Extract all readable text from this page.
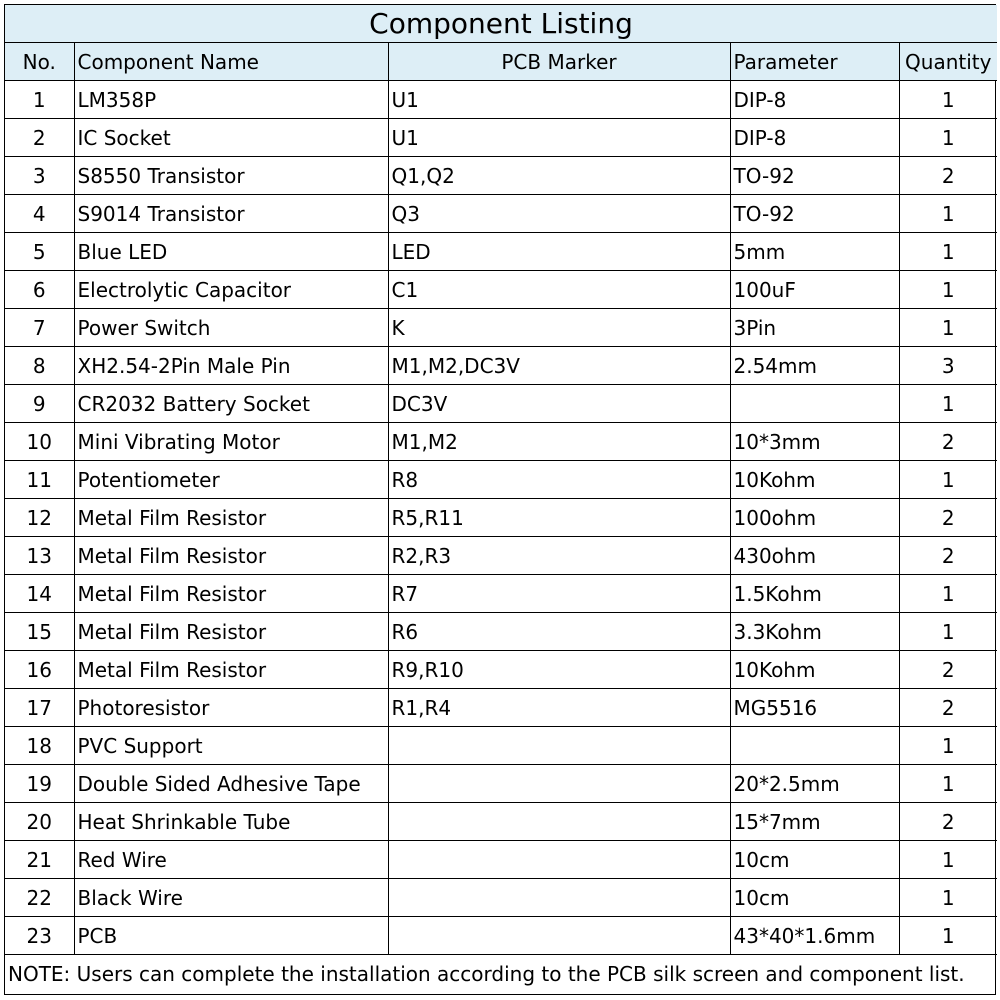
Component Listing				
No.	Component Name	PCB Marker	Parameter	Quantity
1	LM358P	U1	DIP-8	1
2	IC Socket	U1	DIP-8	1
3	S8550 Transistor	Q1,Q2	TO-92	2
4	S9014 Transistor	Q3	TO-92	1
5	Blue LED	LED	5mm	1
6	Electrolytic Capacitor	C1	100uF	1
7	Power Switch	K	3Pin	1
8	XH2.54-2Pin Male Pin	M1,M2,DC3V	2.54mm	3
9	CR2032 Battery Socket	DC3V		1
10	Mini Vibrating Motor	M1,M2	10*3mm	2
11	Potentiometer	R8	10Kohm	1
12	Metal Film Resistor	R5,R11	100ohm	2
13	Metal Film Resistor	R2,R3	430ohm	2
14	Metal Film Resistor	R7	1.5Kohm	1
15	Metal Film Resistor	R6	3.3Kohm	1
16	Metal Film Resistor	R9,R10	10Kohm	2
17	Photoresistor	R1,R4	MG5516	2
18	PVC Support			1
19	Double Sided Adhesive Tape		20*2.5mm	1
20	Heat Shrinkable Tube		15*7mm	2
21	Red Wire		10cm	1
22	Black Wire		10cm	1
23	PCB		43*40*1.6mm	1
NOTE: Users can complete the installation according to the PCB silk screen and component list.				
